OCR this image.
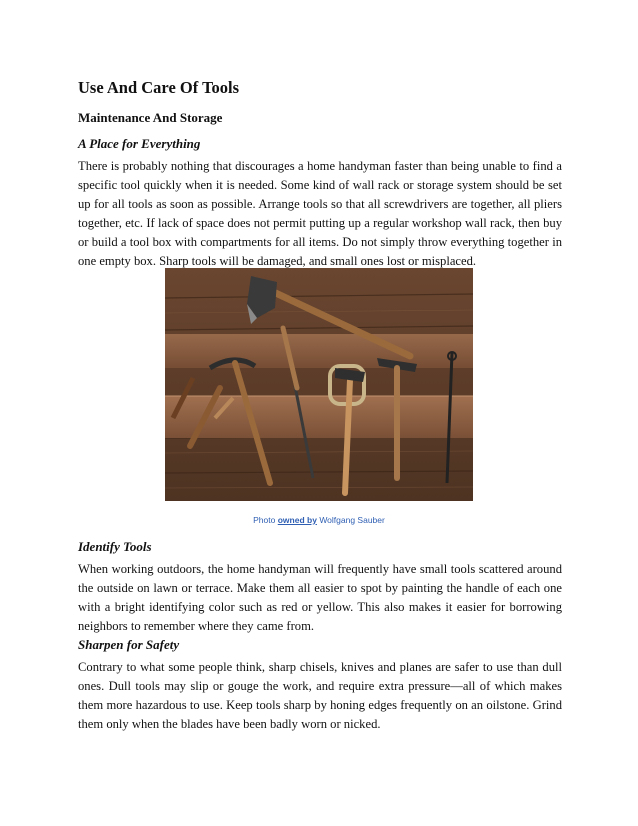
Use And Care Of Tools
Maintenance And Storage
A Place for Everything
There is probably nothing that discourages a home handyman faster than being unable to find a specific tool quickly when it is needed. Some kind of wall rack or storage system should be set up for all tools as soon as possible. Arrange tools so that all screwdrivers are together, all pliers together, etc. If lack of space does not permit putting up a regular workshop wall rack, then buy or build a tool box with compartments for all items. Do not simply throw everything together in one empty box. Sharp tools will be damaged, and small ones lost or misplaced.
Photo owned by Wolfgang Sauber
Identify Tools
When working outdoors, the home handyman will frequently have small tools scattered around the outside on lawn or terrace. Make them all easier to spot by painting the handle of each one with a bright identifying color such as red or yellow. This also makes it easier for borrowing neighbors to remember where they came from.
Sharpen for Safety
Contrary to what some people think, sharp chisels, knives and planes are safer to use than dull ones. Dull tools may slip or gouge the work, and require extra pressure—all of which makes them more hazardous to use. Keep tools sharp by honing edges frequently on an oilstone. Grind them only when the blades have been badly worn or nicked.
